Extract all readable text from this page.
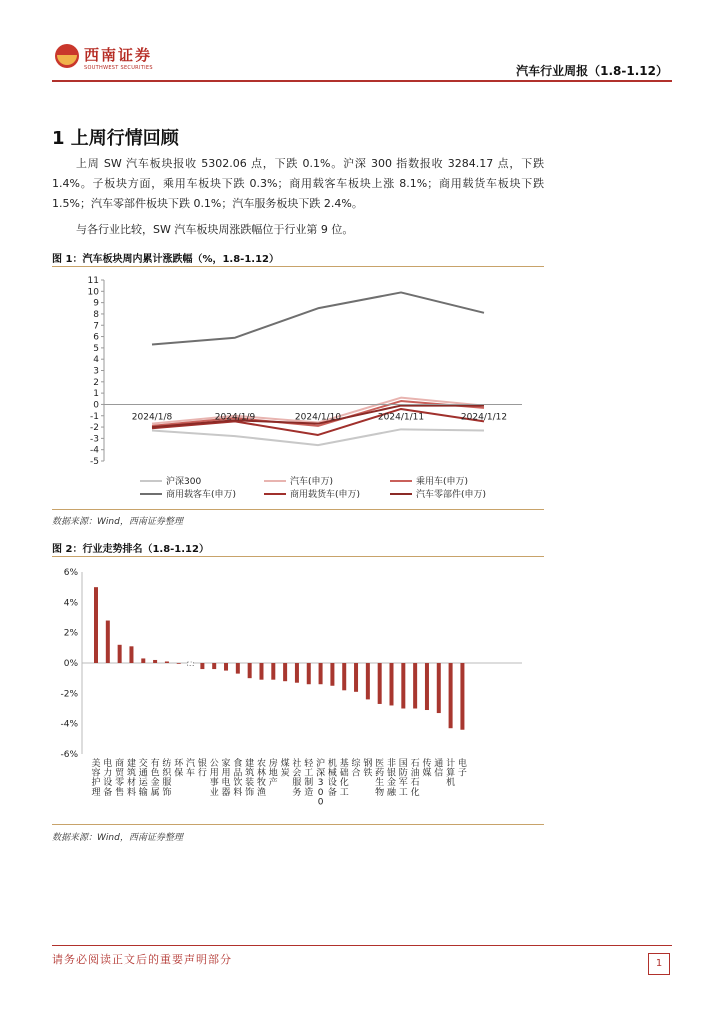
西南证券
SOUTHWEST SECURITIES	汽车行业周报（1.8-1.12）
1 上周行情回顾
上周 SW 汽车板块报收 5302.06 点，下跌 0.1%。沪深 300 指数报收 3284.17 点，下跌 1.4%。子板块方面，乘用车板块下跌 0.3%；商用载客车板块上涨 8.1%；商用载货车板块下跌 1.5%；汽车零部件板块下跌 0.1%；汽车服务板块下跌 2.4%。
与各行业比较，SW 汽车板块周涨跌幅位于行业第 9 位。
图 1：汽车板块周内累计涨跌幅（%，1.8-1.12）
11
10
9
8
7
6
5
4
3
2
1
0
-1
-2
-3
-4
-5
2024/1/8	2024/1/9	2024/1/10	2024/1/11	2024/1/12
沪深300	汽车(申万)	乘用车(申万)
商用载客车(申万)	商用载货车(申万)	汽车零部件(申万)
数据来源：Wind，西南证券整理
图 2：行业走势排名（1.8-1.12）
6%
4%
2%
0%
-2%
-4%
-6%
美容护理
电力设备
商贸零售
建筑材料
交通运输
有色金属
纺织服饰
环保
汽车
银行
公用事业
家用电器
食品饮料
建筑装饰
农林牧渔
房地产
煤炭
社会服务
轻工制造
沪深 3 0 0
机械设备
基础化工
综合
钢铁
医药生物
非银金融
国防军工
石油石化
传媒
通信
计算机
电子
数据来源：Wind，西南证券整理
请务必阅读正文后的重要声明部分	1
